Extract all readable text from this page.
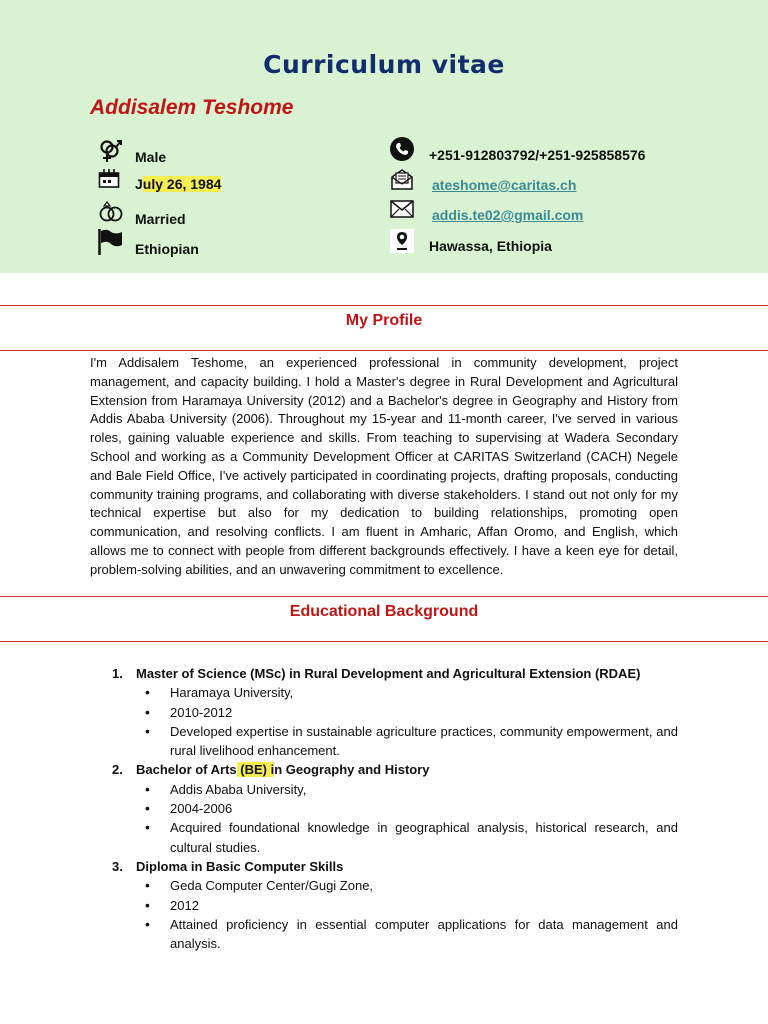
Curriculum vitae
Addisalem Teshome
Male
July 26, 1984
Married
Ethiopian
+251-912803792/+251-925858576
ateshome@caritas.ch
addis.te02@gmail.com
Hawassa, Ethiopia
My Profile
I'm Addisalem Teshome, an experienced professional in community development, project management, and capacity building. I hold a Master's degree in Rural Development and Agricultural Extension from Haramaya University (2012) and a Bachelor's degree in Geography and History from Addis Ababa University (2006). Throughout my 15-year and 11-month career, I've served in various roles, gaining valuable experience and skills. From teaching to supervising at Wadera Secondary School and working as a Community Development Officer at CARITAS Switzerland (CACH) Negele and Bale Field Office, I've actively participated in coordinating projects, drafting proposals, conducting community training programs, and collaborating with diverse stakeholders. I stand out not only for my technical expertise but also for my dedication to building relationships, promoting open communication, and resolving conflicts. I am fluent in Amharic, Affan Oromo, and English, which allows me to connect with people from different backgrounds effectively. I have a keen eye for detail, problem-solving abilities, and an unwavering commitment to excellence.
Educational Background
1. Master of Science (MSc) in Rural Development and Agricultural Extension (RDAE)
• Haramaya University,
• 2010-2012
• Developed expertise in sustainable agriculture practices, community empowerment, and rural livelihood enhancement.
2. Bachelor of Arts (BE) in Geography and History
• Addis Ababa University,
• 2004-2006
• Acquired foundational knowledge in geographical analysis, historical research, and cultural studies.
3. Diploma in Basic Computer Skills
• Geda Computer Center/Gugi Zone,
• 2012
• Attained proficiency in essential computer applications for data management and analysis.
